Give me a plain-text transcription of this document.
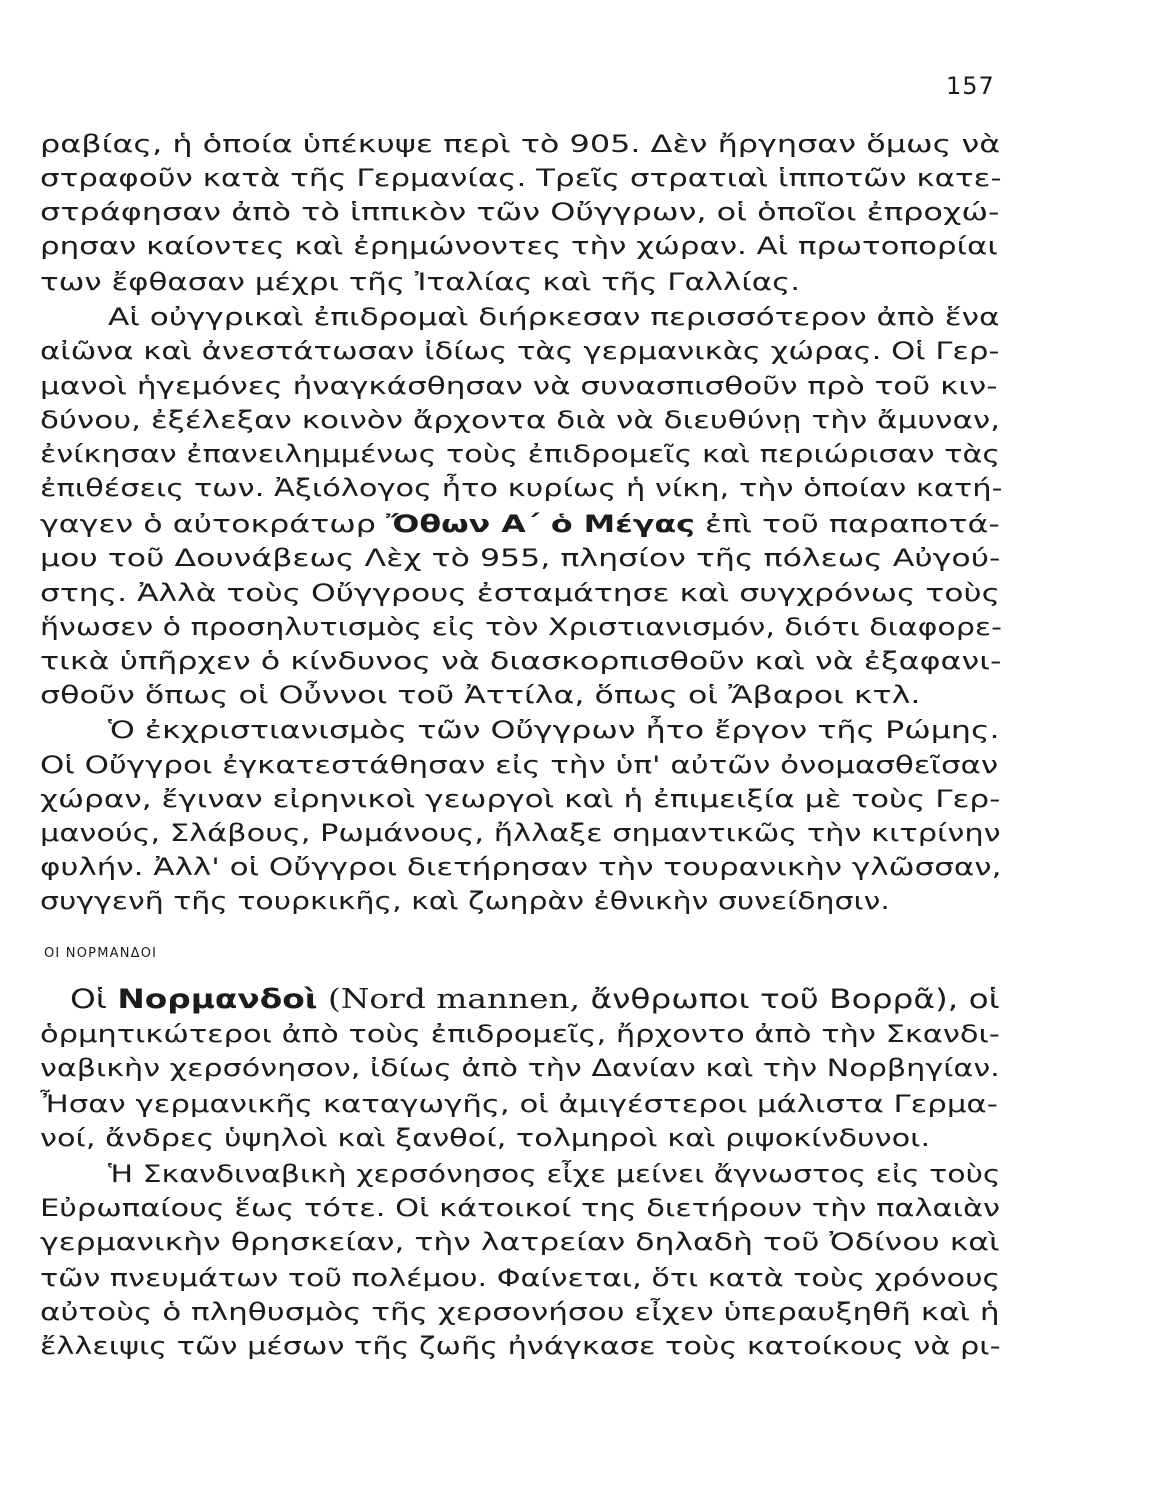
157
ραβίας, ἡ ὁποία ὑπέκυψε περὶ τὸ 905. Δὲν ἤργησαν ὅμως νὰ
στραφοῦν κατὰ τῆς Γερμανίας. Τρεῖς στρατιαὶ ἱπποτῶν κατε-
στράφησαν ἀπὸ τὸ ἱππικὸν τῶν Οὔγγρων, οἱ ὁποῖοι ἐπροχώ-
ρησαν καίοντες καὶ ἐρημώνοντες τὴν χώραν. Αἱ πρωτοπορίαι
των ἔφθασαν μέχρι τῆς Ἰταλίας καὶ τῆς Γαλλίας.
Αἱ οὐγγρικαὶ ἐπιδρομαὶ διήρκεσαν περισσότερον ἀπὸ ἕνα
αἰῶνα καὶ ἀνεστάτωσαν ἰδίως τὰς γερμανικὰς χώρας. Οἱ Γερ-
μανοὶ ἡγεμόνες ἠναγκάσθησαν νὰ συνασπισθοῦν πρὸ τοῦ κιν-
δύνου, ἐξέλεξαν κοινὸν ἄρχοντα διὰ νὰ διευθύνῃ τὴν ἄμυναν,
ἐνίκησαν ἐπανειλημμένως τοὺς ἐπιδρομεῖς καὶ περιώρισαν τὰς
ἐπιθέσεις των. Ἀξιόλογος ἦτο κυρίως ἡ νίκη, τὴν ὁποίαν κατή-
γαγεν ὁ αὐτοκράτωρ Ὄθων Α΄ ὁ Μέγας ἐπὶ τοῦ παραποτά-
μου τοῦ Δουνάβεως Λὲχ τὸ 955, πλησίον τῆς πόλεως Αὐγού-
στης. Ἀλλὰ τοὺς Οὔγγρους ἐσταμάτησε καὶ συγχρόνως τοὺς
ἥνωσεν ὁ προσηλυτισμὸς εἰς τὸν Χριστιανισμόν, διότι διαφορε-
τικὰ ὑπῆρχεν ὁ κίνδυνος νὰ διασκορπισθοῦν καὶ νὰ ἐξαφανι-
σθοῦν ὅπως οἱ Οὖννοι τοῦ Ἀττίλα, ὅπως οἱ Ἄβαροι κτλ.
Ὁ ἐκχριστιανισμὸς τῶν Οὔγγρων ἦτο ἔργον τῆς Ρώμης.
Οἱ Οὔγγροι ἐγκατεστάθησαν εἰς τὴν ὑπ' αὐτῶν ὀνομασθεῖσαν
χώραν, ἔγιναν εἰρηνικοὶ γεωργοὶ καὶ ἡ ἐπιμειξία μὲ τοὺς Γερ-
μανούς, Σλάβους, Ρωμάνους, ἤλλαξε σημαντικῶς τὴν κιτρίνην
φυλήν. Ἀλλ' οἱ Οὔγγροι διετήρησαν τὴν τουρανικὴν γλῶσσαν,
συγγενῆ τῆς τουρκικῆς, καὶ ζωηρὰν ἐθνικὴν συνείδησιν.
ΟΙ ΝΟΡΜΑΝΔΟΙ
Οἱ Νορμανδοὶ (Nord mannen, ἄνθρωποι τοῦ Βορρᾶ), οἱ
ὁρμητικώτεροι ἀπὸ τοὺς ἐπιδρομεῖς, ἤρχοντο ἀπὸ τὴν Σκανδι-
ναβικὴν χερσόνησον, ἰδίως ἀπὸ τὴν Δανίαν καὶ τὴν Νορβηγίαν.
Ἦσαν γερμανικῆς καταγωγῆς, οἱ ἀμιγέστεροι μάλιστα Γερμα-
νοί, ἄνδρες ὑψηλοὶ καὶ ξανθοί, τολμηροὶ καὶ ριψοκίνδυνοι.
Ἡ Σκανδιναβικὴ χερσόνησος εἶχε μείνει ἄγνωστος εἰς τοὺς
Εὐρωπαίους ἕως τότε. Οἱ κάτοικοί της διετήρουν τὴν παλαιὰν
γερμανικὴν θρησκείαν, τὴν λατρείαν δηλαδὴ τοῦ Ὀδίνου καὶ
τῶν πνευμάτων τοῦ πολέμου. Φαίνεται, ὅτι κατὰ τοὺς χρόνους
αὐτοὺς ὁ πληθυσμὸς τῆς χερσονήσου εἶχεν ὑπεραυξηθῆ καὶ ἡ
ἔλλειψις τῶν μέσων τῆς ζωῆς ἠνάγκασε τοὺς κατοίκους νὰ ρι-
